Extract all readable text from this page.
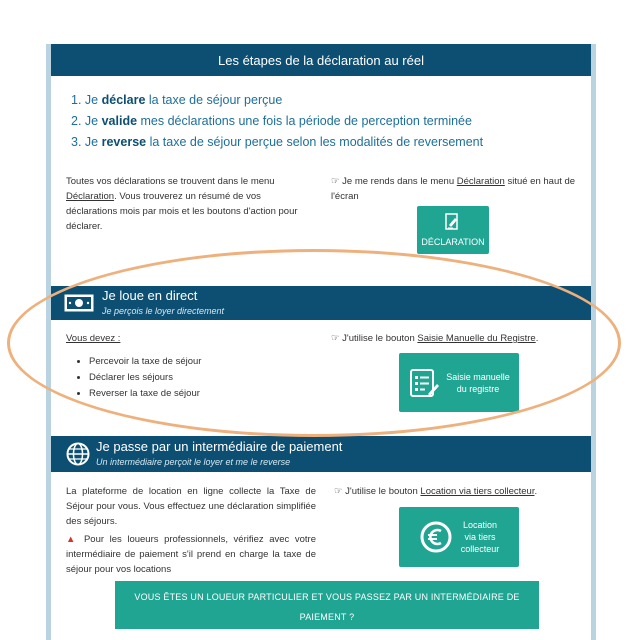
Les étapes de la déclaration au réel
1. Je déclare la taxe de séjour perçue
2. Je valide mes déclarations une fois la période de perception terminée
3. Je reverse la taxe de séjour perçue selon les modalités de reversement
Toutes vos déclarations se trouvent dans le menu Déclaration. Vous trouverez un résumé de vos déclarations mois par mois et les boutons d'action pour déclarer.
☞ Je me rends dans le menu Déclaration situé en haut de l'écran
DÉCLARATION
Je loue en direct
Je perçois le loyer directement
Vous devez :
• Percevoir la taxe de séjour
• Déclarer les séjours
• Reverser la taxe de séjour
☞ J'utilise le bouton Saisie Manuelle du Registre.
Saisie manuelle
du registre
Je passe par un intermédiaire de paiement
Un intermédiaire perçoit le loyer et me le reverse
La plateforme de location en ligne collecte la Taxe de Séjour pour vous. Vous effectuez une déclaration simplifiée des séjours.
▲ Pour les loueurs professionnels, vérifiez avec votre intermédiaire de paiement s'il prend en charge la taxe de séjour pour vos locations
☞ J'utilise le bouton Location via tiers collecteur.
Location
via tiers
collecteur
VOUS ÊTES UN LOUEUR PARTICULIER ET VOUS PASSEZ PAR UN INTERMÉDIAIRE DE
PAIEMENT ?
